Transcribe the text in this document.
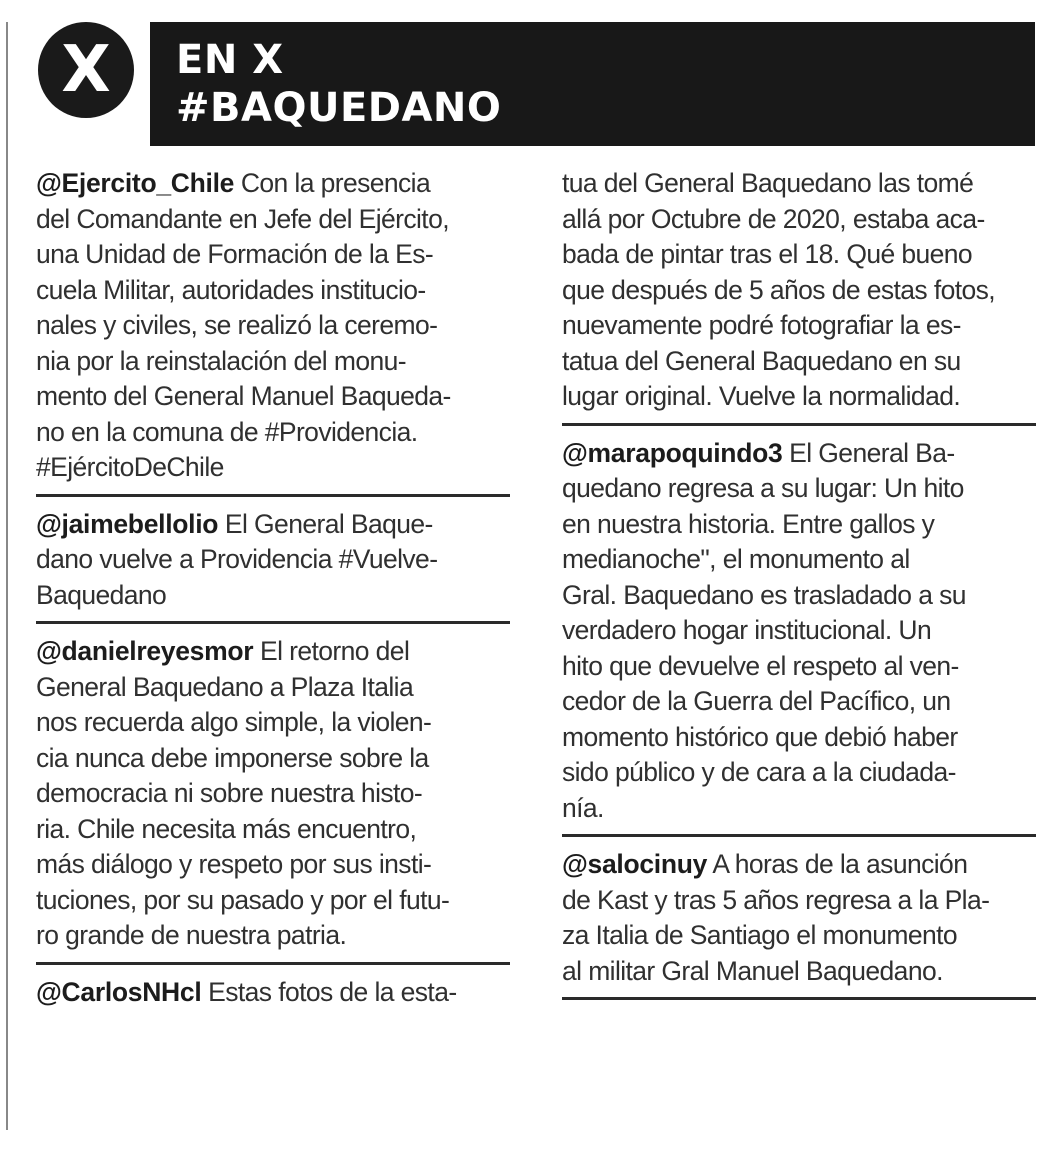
X	EN X
#BAQUEDANO
@Ejercito_Chile Con la presencia
del Comandante en Jefe del Ejército,
una Unidad de Formación de la Es-
cuela Militar, autoridades institucio-
nales y civiles, se realizó la ceremo-
nia por la reinstalación del monu-
mento del General Manuel Baqueda-
no en la comuna de #Providencia.
#EjércitoDeChile
@jaimebellolio El General Baque-
dano vuelve a Providencia #Vuelve-
Baquedano
@danielreyesmor El retorno del
General Baquedano a Plaza Italia
nos recuerda algo simple, la violen-
cia nunca debe imponerse sobre la
democracia ni sobre nuestra histo-
ria. Chile necesita más encuentro,
más diálogo y respeto por sus insti-
tuciones, por su pasado y por el futu-
ro grande de nuestra patria.
@CarlosNHcl Estas fotos de la esta-
tua del General Baquedano las tomé
allá por Octubre de 2020, estaba aca-
bada de pintar tras el 18. Qué bueno
que después de 5 años de estas fotos,
nuevamente podré fotografiar la es-
tatua del General Baquedano en su
lugar original. Vuelve la normalidad.
@marapoquindo3 El General Ba-
quedano regresa a su lugar: Un hito
en nuestra historia. Entre gallos y
medianoche", el monumento al
Gral. Baquedano es trasladado a su
verdadero hogar institucional. Un
hito que devuelve el respeto al ven-
cedor de la Guerra del Pacífico, un
momento histórico que debió haber
sido público y de cara a la ciudada-
nía.
@salocinuy A horas de la asunción
de Kast y tras 5 años regresa a la Pla-
za Italia de Santiago el monumento
al militar Gral Manuel Baquedano.
